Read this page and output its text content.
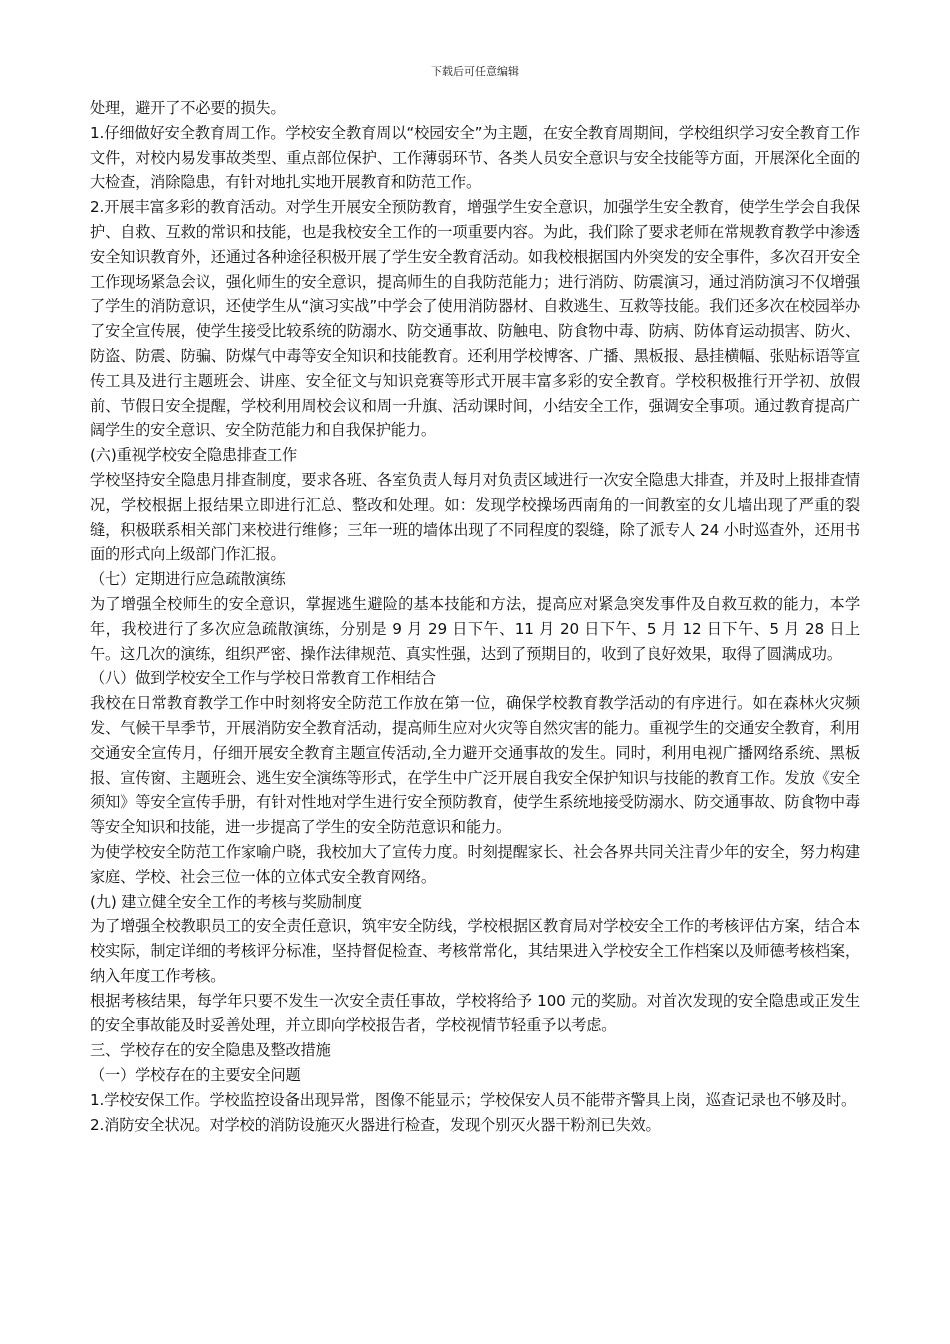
下载后可任意编辑

处理，避开了不必要的损失。

1.仔细做好安全教育周工作。学校安全教育周以“校园安全”为主题，在安全教育周期间，学校组织学习安全教育工作文件，对校内易发事故类型、重点部位保护、工作薄弱环节、各类人员安全意识与安全技能等方面，开展深化全面的大检查，消除隐患，有针对地扎实地开展教育和防范工作。

2.开展丰富多彩的教育活动。对学生开展安全预防教育，增强学生安全意识，加强学生安全教育，使学生学会自我保护、自救、互救的常识和技能，也是我校安全工作的一项重要内容。为此，我们除了要求老师在常规教育教学中渗透安全知识教育外，还通过各种途径积极开展了学生安全教育活动。如我校根据国内外突发的安全事件，多次召开安全工作现场紧急会议，强化师生的安全意识，提高师生的自我防范能力；进行消防、防震演习，通过消防演习不仅增强了学生的消防意识，还使学生从“演习实战”中学会了使用消防器材、自救逃生、互救等技能。我们还多次在校园举办了安全宣传展，使学生接受比较系统的防溺水、防交通事故、防触电、防食物中毒、防病、防体育运动损害、防火、防盗、防震、防骗、防煤气中毒等安全知识和技能教育。还利用学校博客、广播、黑板报、悬挂横幅、张贴标语等宣传工具及进行主题班会、讲座、安全征文与知识竞赛等形式开展丰富多彩的安全教育。学校积极推行开学初、放假前、节假日安全提醒，学校利用周校会议和周一升旗、活动课时间，小结安全工作，强调安全事项。通过教育提高广阔学生的安全意识、安全防范能力和自我保护能力。

(六)重视学校安全隐患排查工作

学校坚持安全隐患月排查制度，要求各班、各室负责人每月对负责区域进行一次安全隐患大排查，并及时上报排查情况，学校根据上报结果立即进行汇总、整改和处理。如：发现学校操场西南角的一间教室的女儿墙出现了严重的裂缝，积极联系相关部门来校进行维修；三年一班的墙体出现了不同程度的裂缝，除了派专人 24 小时巡查外，还用书面的形式向上级部门作汇报。

（七）定期进行应急疏散演练

为了增强全校师生的安全意识，掌握逃生避险的基本技能和方法，提高应对紧急突发事件及自救互救的能力，本学年，我校进行了多次应急疏散演练，分别是 9 月 29 日下午、11 月 20 日下午、5 月 12 日下午、5 月 28 日上午。这几次的演练，组织严密、操作法律规范、真实性强，达到了预期目的，收到了良好效果，取得了圆满成功。

（八）做到学校安全工作与学校日常教育工作相结合

我校在日常教育教学工作中时刻将安全防范工作放在第一位，确保学校教育教学活动的有序进行。如在森林火灾频发、气候干旱季节，开展消防安全教育活动，提高师生应对火灾等自然灾害的能力。重视学生的交通安全教育，利用交通安全宣传月，仔细开展安全教育主题宣传活动,全力避开交通事故的发生。同时，利用电视广播网络系统、黑板报、宣传窗、主题班会、逃生安全演练等形式，在学生中广泛开展自我安全保护知识与技能的教育工作。发放《安全须知》等安全宣传手册，有针对性地对学生进行安全预防教育，使学生系统地接受防溺水、防交通事故、防食物中毒等安全知识和技能，进一步提高了学生的安全防范意识和能力。

为使学校安全防范工作家喻户晓，我校加大了宣传力度。时刻提醒家长、社会各界共同关注青少年的安全，努力构建家庭、学校、社会三位一体的立体式安全教育网络。

(九) 建立健全安全工作的考核与奖励制度

为了增强全校教职员工的安全责任意识，筑牢安全防线，学校根据区教育局对学校安全工作的考核评估方案，结合本校实际，制定详细的考核评分标准，坚持督促检查、考核常常化，其结果进入学校安全工作档案以及师德考核档案，纳入年度工作考核。

根据考核结果，每学年只要不发生一次安全责任事故，学校将给予 100 元的奖励。对首次发现的安全隐患或正发生的安全事故能及时妥善处理，并立即向学校报告者，学校视情节轻重予以考虑。

三、学校存在的安全隐患及整改措施

（一）学校存在的主要安全问题

1.学校安保工作。学校监控设备出现异常，图像不能显示；学校保安人员不能带齐警具上岗，巡查记录也不够及时。

2.消防安全状况。对学校的消防设施灭火器进行检查，发现个别灭火器干粉剂已失效。
